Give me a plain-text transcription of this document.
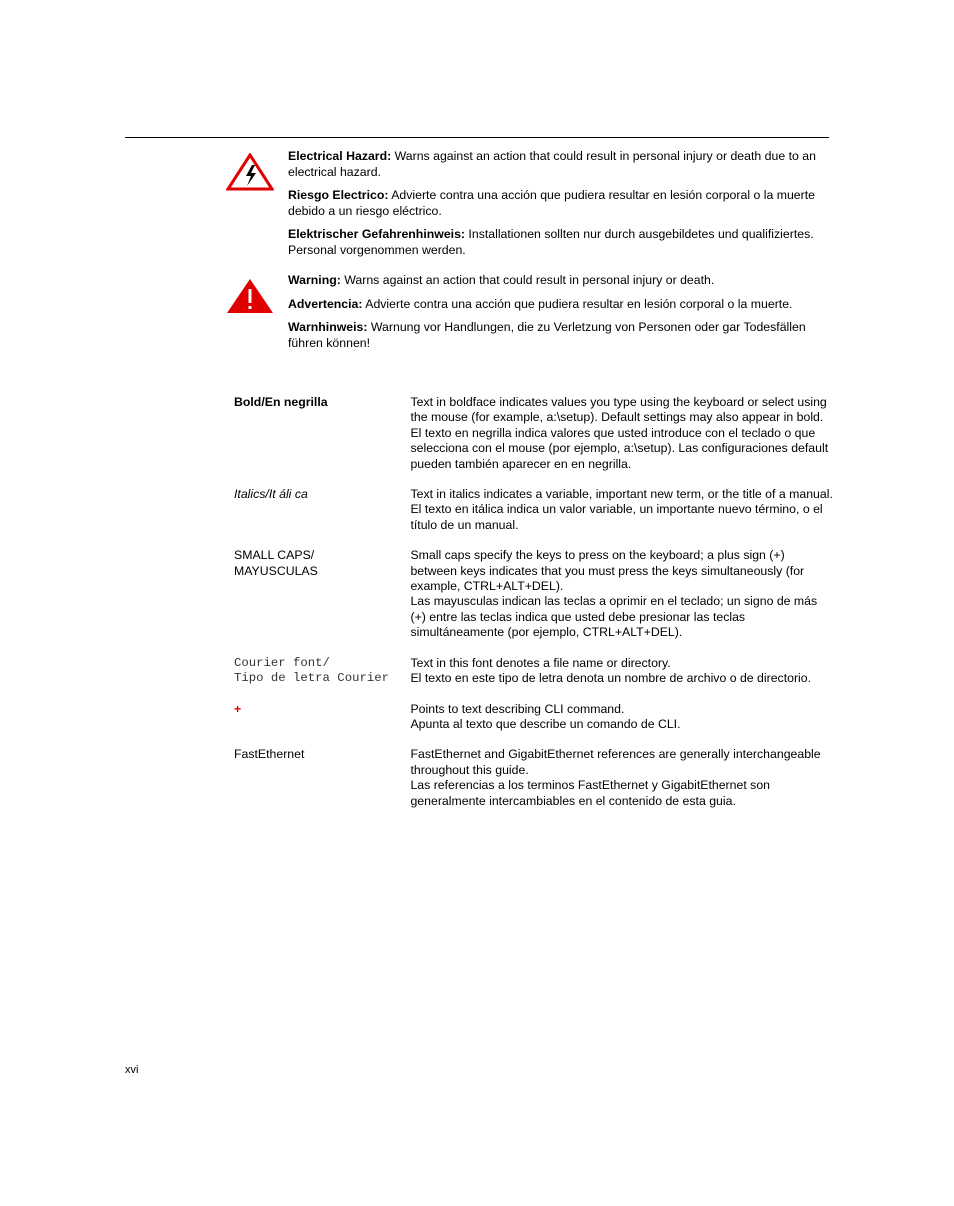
Electrical Hazard: Warns against an action that could result in personal injury or death due to an electrical hazard.

Riesgo Electrico: Advierte contra una acción que pudiera resultar en lesión corporal o la muerte debido a un riesgo eléctrico.

Elektrischer Gefahrenhinweis: Installationen sollten nur durch ausgebildetes und qualifiziertes. Personal vorgenommen werden.

Warning: Warns against an action that could result in personal injury or death.

Advertencia: Advierte contra una acción que pudiera resultar en lesión corporal o la muerte.

Warnhinweis: Warnung vor Handlungen, die zu Verletzung von Personen oder gar Todesfällen führen können!

Bold/En negrilla	Text in boldface indicates values you type using the keyboard or select using the mouse (for example, a:\setup). Default settings may also appear in bold.
El texto en negrilla indica valores que usted introduce con el teclado o que selecciona con el mouse (por ejemplo, a:\setup). Las configuraciones default pueden también aparecer en en negrilla.

Italics/It áli ca	Text in italics indicates a variable, important new term, or the title of a manual.
El texto en itálica indica un valor variable, un importante nuevo término, o el título de un manual.

SMALL CAPS/
MAYUSCULAS	Small caps specify the keys to press on the keyboard; a plus sign (+) between keys indicates that you must press the keys simultaneously (for example, CTRL+ALT+DEL).
Las mayusculas indican las teclas a oprimir en el teclado; un signo de más (+) entre las teclas indica que usted debe presionar las teclas simultáneamente (por ejemplo, CTRL+ALT+DEL).

Courier font/
Tipo de letra Courier	Text in this font denotes a file name or directory.
El texto en este tipo de letra denota un nombre de archivo o de directorio.

+	Points to text describing CLI command.
Apunta al texto que describe un comando de CLI.

FastEthernet	FastEthernet and GigabitEthernet references are generally interchangeable throughout this guide.
Las referencias a los terminos FastEthernet y GigabitEthernet son generalmente intercambiables en el contenido de esta guia.
xvi
